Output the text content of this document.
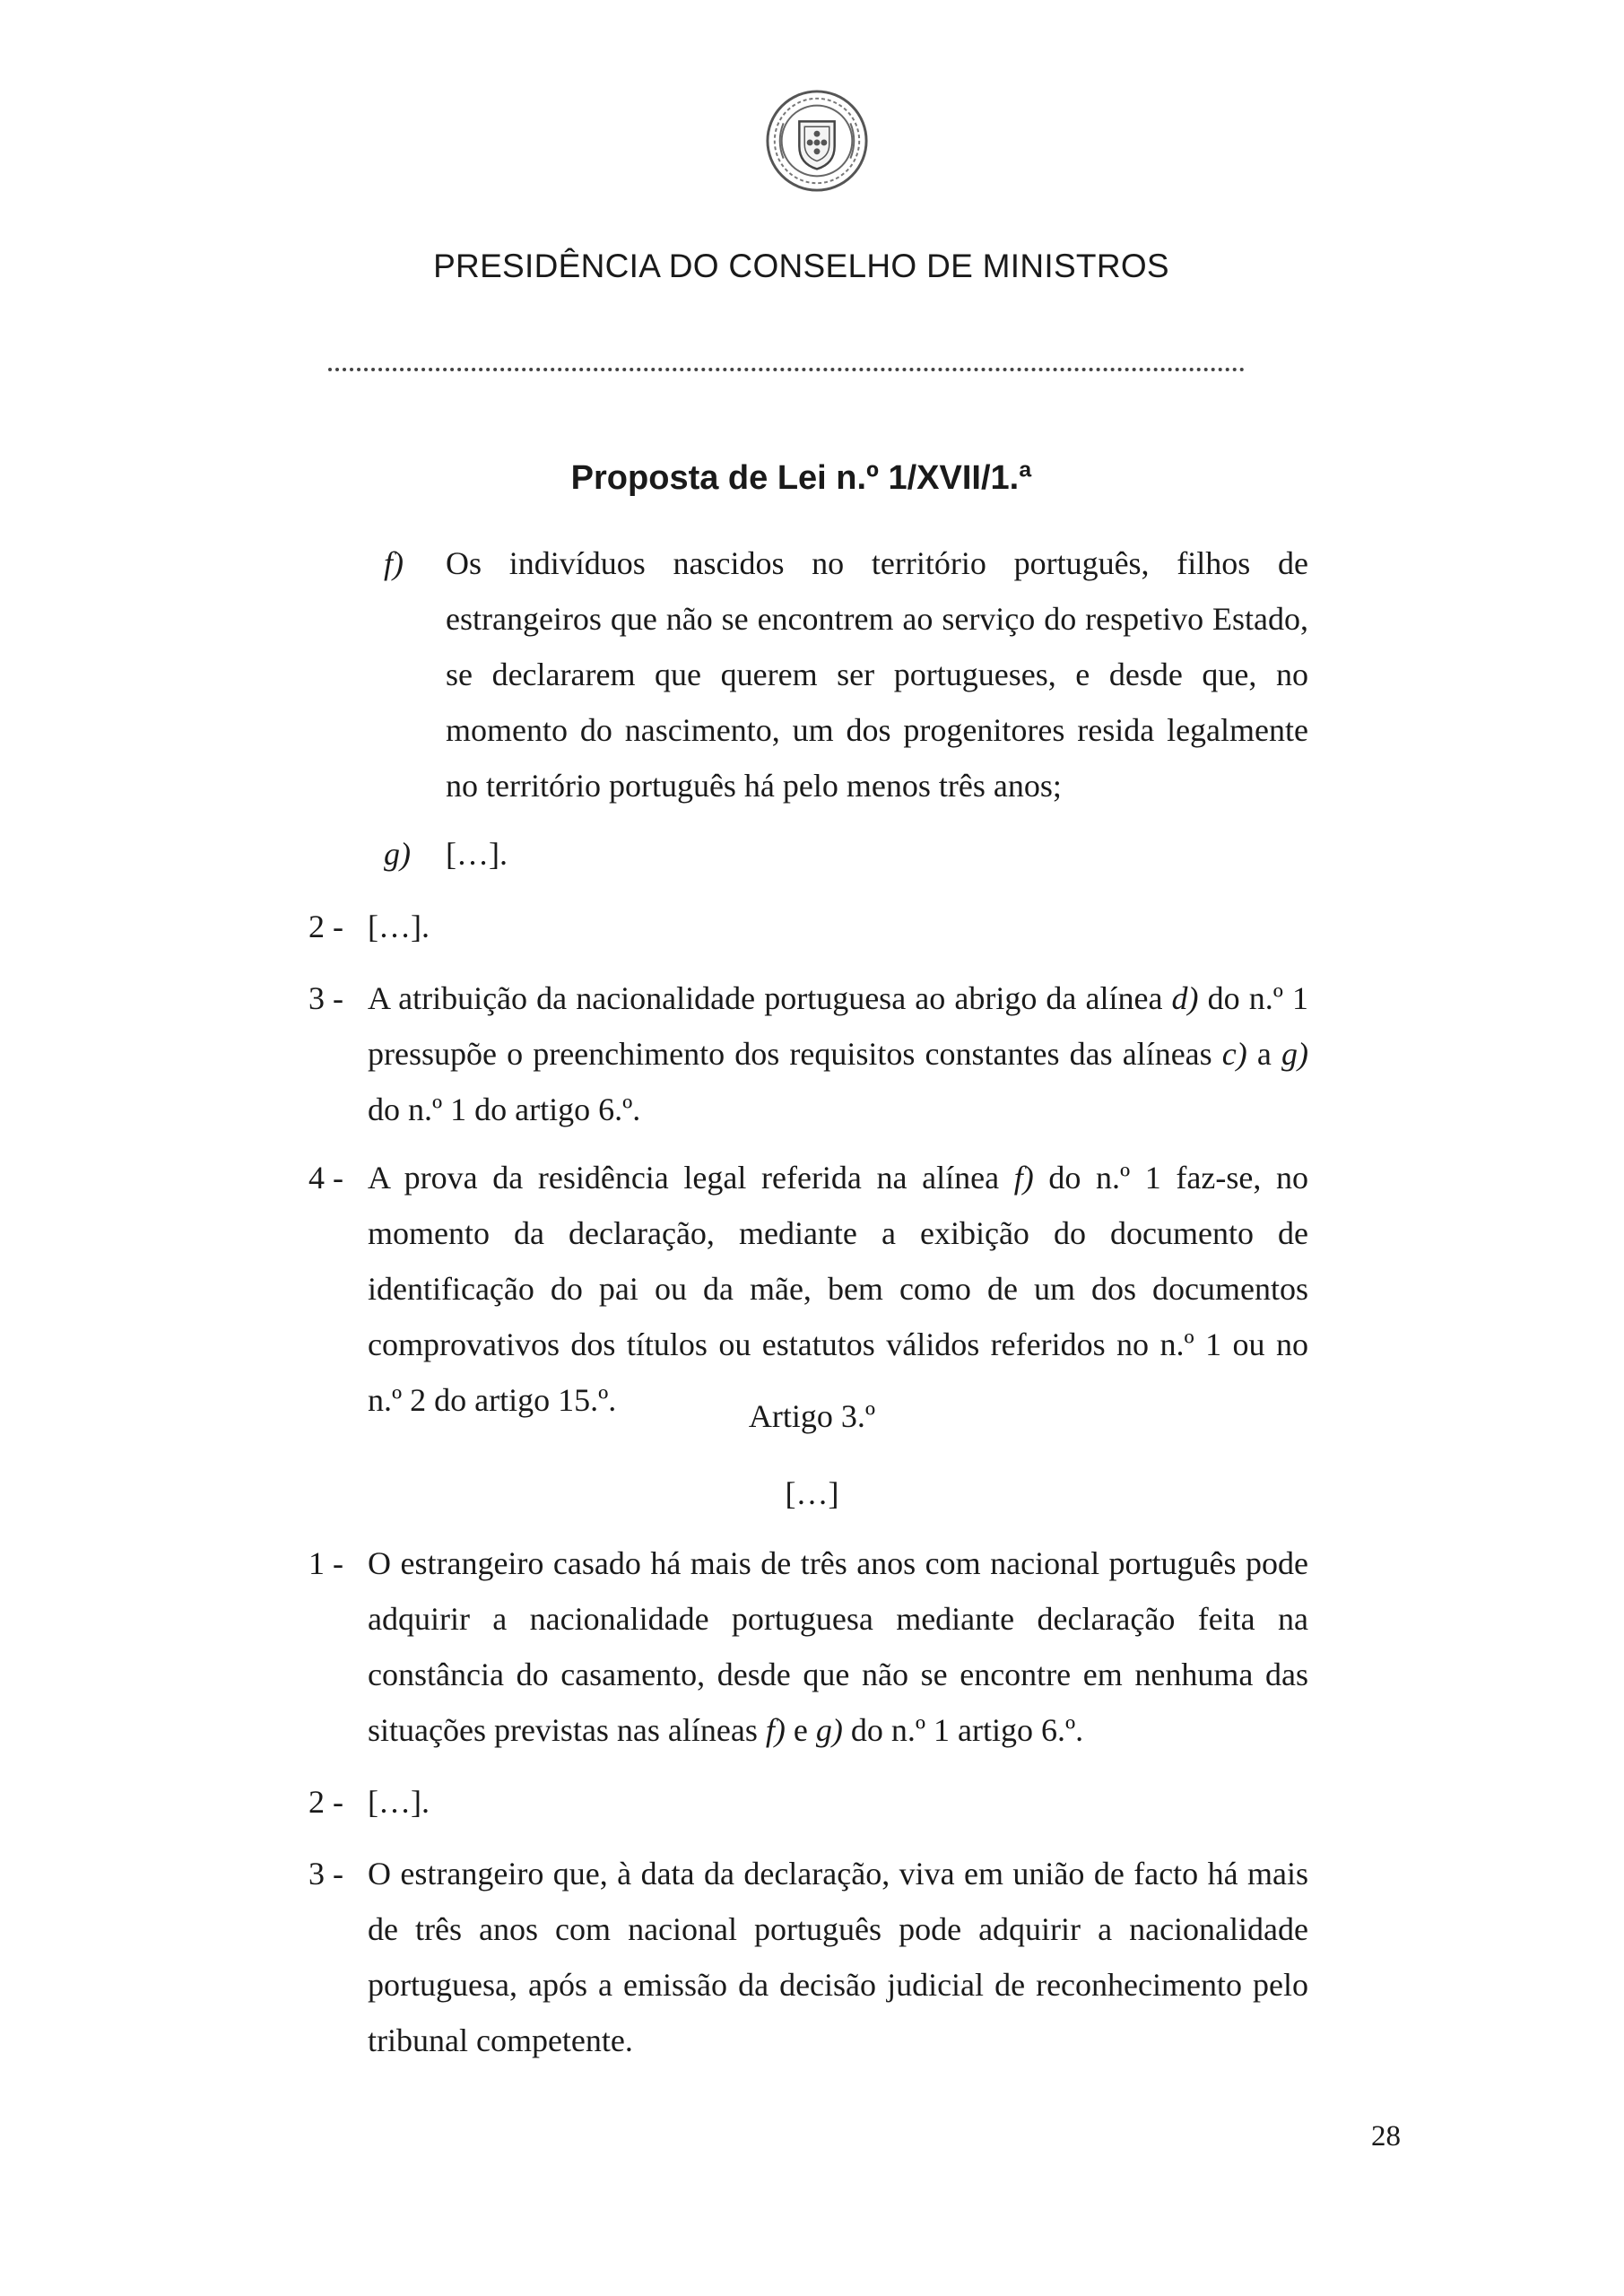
PRESIDÊNCIA DO CONSELHO DE MINISTROS
Proposta de Lei n.º 1/XVII/1.ª
f) Os indivíduos nascidos no território português, filhos de estrangeiros que não se encontrem ao serviço do respetivo Estado, se declararem que querem ser portugueses, e desde que, no momento do nascimento, um dos progenitores resida legalmente no território português há pelo menos três anos;
g) […].
2 - […].
3 - A atribuição da nacionalidade portuguesa ao abrigo da alínea d) do n.º 1 pressupõe o preenchimento dos requisitos constantes das alíneas c) a g) do n.º 1 do artigo 6.º.
4 - A prova da residência legal referida na alínea f) do n.º 1 faz-se, no momento da declaração, mediante a exibição do documento de identificação do pai ou da mãe, bem como de um dos documentos comprovativos dos títulos ou estatutos válidos referidos no n.º 1 ou no n.º 2 do artigo 15.º.	Artigo 3.º
[…]
1 - O estrangeiro casado há mais de três anos com nacional português pode adquirir a nacionalidade portuguesa mediante declaração feita na constância do casamento, desde que não se encontre em nenhuma das situações previstas nas alíneas f) e g) do n.º 1 artigo 6.º.
2 - […].
3 - O estrangeiro que, à data da declaração, viva em união de facto há mais de três anos com nacional português pode adquirir a nacionalidade portuguesa, após a emissão da decisão judicial de reconhecimento pelo tribunal competente.
28
